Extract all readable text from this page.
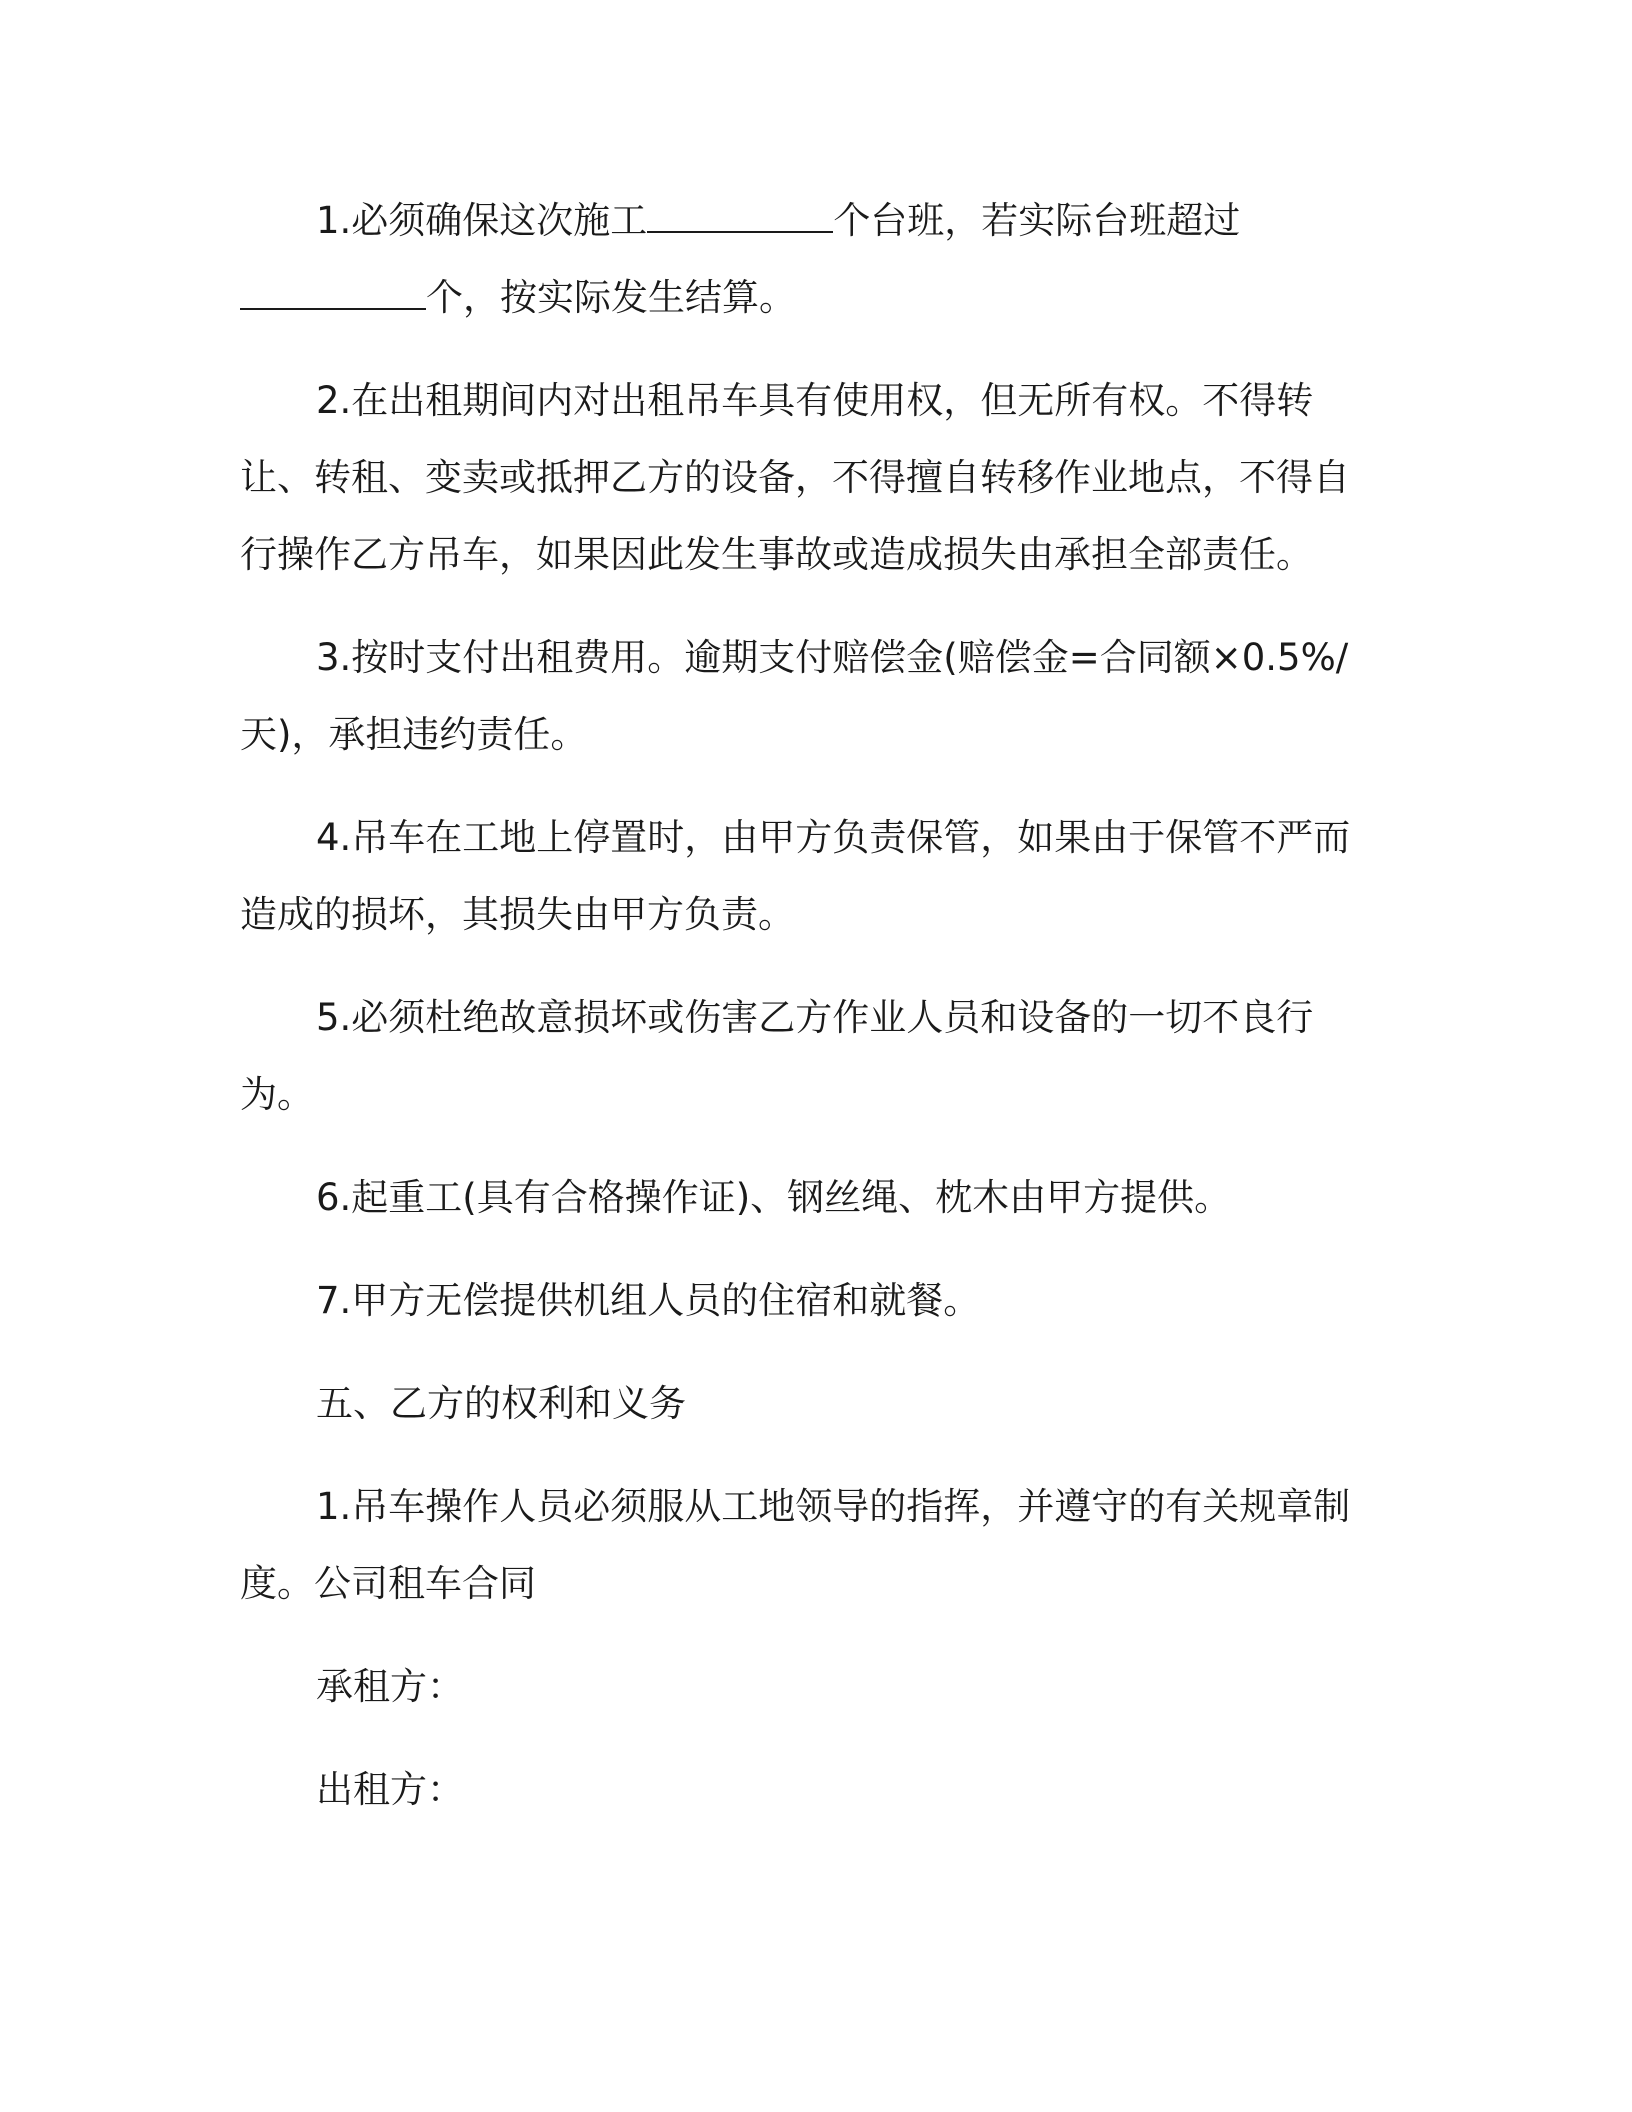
1.必须确保这次施工	个台班，若实际台班超过个，按实际发生结算。

2.在出租期间内对出租吊车具有使用权，但无所有权。不得转让、转租、变卖或抵押乙方的设备，不得擅自转移作业地点，不得自行操作乙方吊车，如果因此发生事故或造成损失由承担全部责任。

3.按时支付出租费用。逾期支付赔偿金(赔偿金=合同额×0.5%/天)，承担违约责任。

4.吊车在工地上停置时，由甲方负责保管，如果由于保管不严而造成的损坏，其损失由甲方负责。

5.必须杜绝故意损坏或伤害乙方作业人员和设备的一切不良行为。

6.起重工(具有合格操作证)、钢丝绳、枕木由甲方提供。

7.甲方无偿提供机组人员的住宿和就餐。

五、乙方的权利和义务

1.吊车操作人员必须服从工地领导的指挥，并遵守的有关规章制度。公司租车合同

承租方：

出租方：
